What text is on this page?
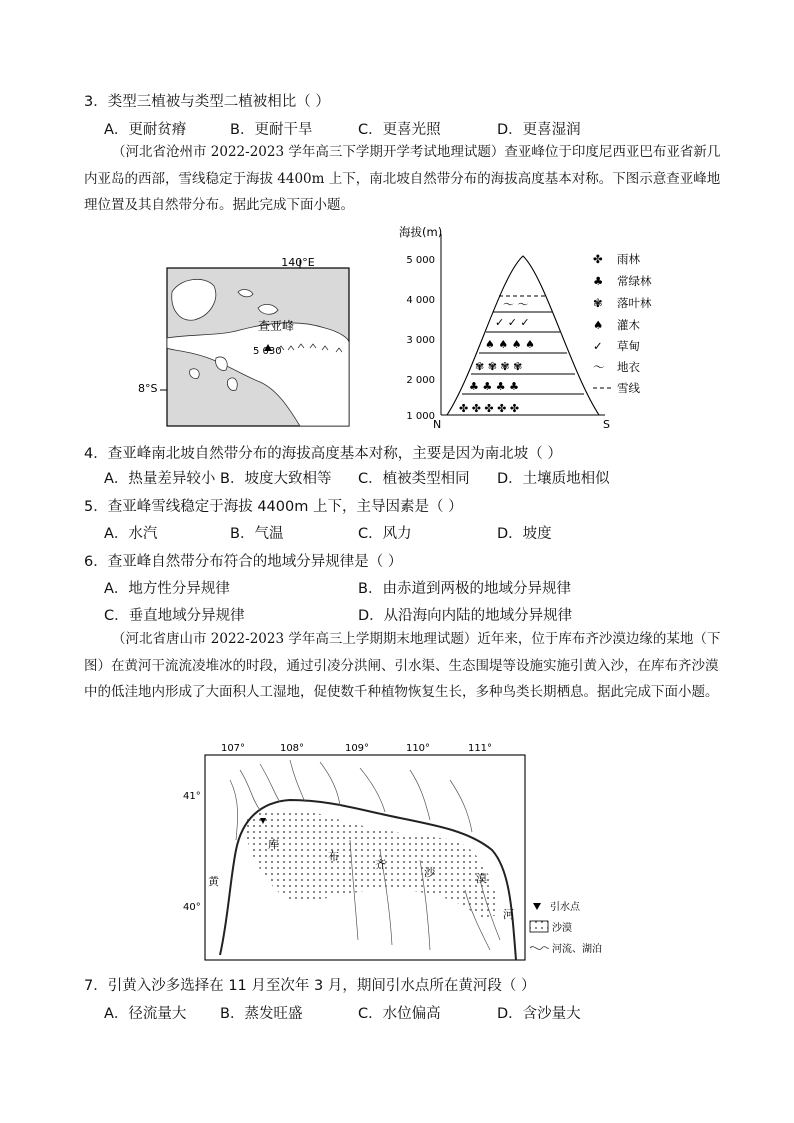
3．类型三植被与类型二植被相比（ ）
A．更耐贫瘠	B．更耐干旱	C．更喜光照	D．更喜湿润
（河北省沧州市 2022-2023 学年高三下学期开学考试地理试题）查亚峰位于印度尼西亚巴布亚省新几内亚岛的西部，雪线稳定于海拔 4400m 上下，南北坡自然带分布的海拔高度基本对称。下图示意查亚峰地理位置及其自然带分布。据此完成下面小题。
140°E
8°S
查亚峰
5 030
海拔(m)
5 000
4 000
3 000
2 000
1 000
✤ ✤ ✤ ✤ ✤
♣ ♣ ♣ ♣
✾ ✾ ✾ ✾
♠ ♠ ♠ ♠
✓ ✓ ✓
〜 〜
N	S
✤ 雨林
♣ 常绿林
✾ 落叶林
♠ 灌木
✓ 草甸
〜 地衣
雪线
4．查亚峰南北坡自然带分布的海拔高度基本对称，主要是因为南北坡（ ）
A．热量差异较小 B．坡度大致相等 C．植被类型相同 D．土壤质地相似
5．查亚峰雪线稳定于海拔 4400m 上下，主导因素是（ ）
A．水汽	B．气温	C．风力	D．坡度
6．查亚峰自然带分布符合的地域分异规律是（ ）
A．地方性分异规律	B．由赤道到两极的地域分异规律
C．垂直地域分异规律	D．从沿海向内陆的地域分异规律
（河北省唐山市 2022-2023 学年高三上学期期末地理试题）近年来，位于库布齐沙漠边缘的某地（下图）在黄河干流流凌堆冰的时段，通过引凌分洪闸、引水渠、生态围堤等设施实施引黄入沙，在库布齐沙漠中的低洼地内形成了大面积人工湿地，促使数千种植物恢复生长，多种鸟类长期栖息。据此完成下面小题。
107°	108°	109°	110°	111°
41°
40°
库
布
齐
沙	漠
黄
河
引水点
沙漠
河流、湖泊
7．引黄入沙多选择在 11 月至次年 3 月，期间引水点所在黄河段（ ）
A．径流量大 B．蒸发旺盛	C．水位偏高	D．含沙量大
